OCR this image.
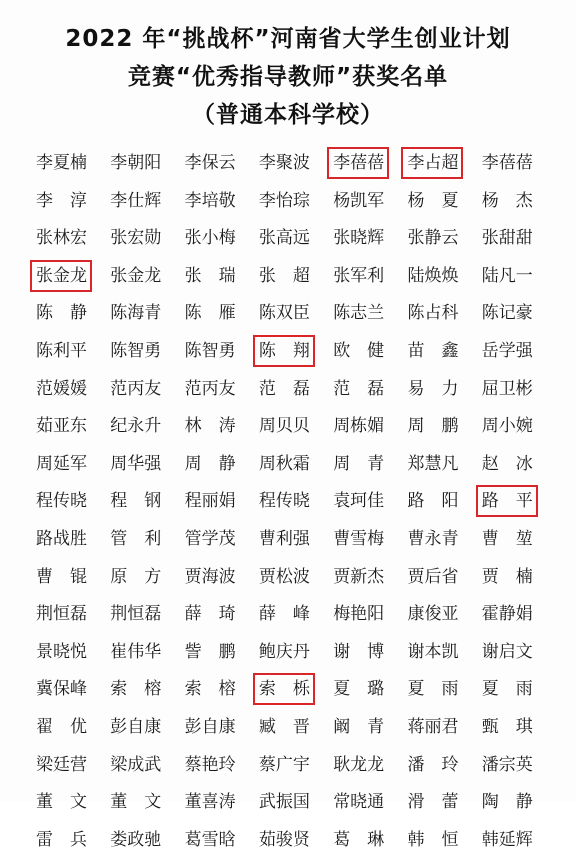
2022 年“挑战杯”河南省大学生创业计划
竞赛“优秀指导教师”获奖名单
（普通本科学校）
李夏楠	李朝阳	李保云	李聚波	李蓓蓓	李占超	李蓓蓓
李　淳	李仕辉	李培敬	李怡琮	杨凯军	杨　夏	杨　杰
张林宏	张宏勋	张小梅	张高远	张晓辉	张静云	张甜甜
张金龙	张金龙	张　瑞	张　超	张军利	陆焕焕	陆凡一
陈　静	陈海青	陈　雁	陈双臣	陈志兰	陈占科	陈记豪
陈利平	陈智勇	陈智勇	陈　翔	欧　健	苗　鑫	岳学强
范媛媛	范丙友	范丙友	范　磊	范　磊	易　力	屈卫彬
茹亚东	纪永升	林　涛	周贝贝	周栋媚	周　鹏	周小婉
周延军	周华强	周　静	周秋霜	周　青	郑慧凡	赵　冰
程传晓	程　钢	程丽娟	程传晓	袁珂佳	路　阳	路　平
路战胜	管　利	管学茂	曹利强	曹雪梅	曹永青	曹　堃
曹　锟	原　方	贾海波	贾松波	贾新杰	贾后省	贾　楠
荆恒磊	荆恒磊	薛　琦	薛　峰	梅艳阳	康俊亚	霍静娟
景晓悦	崔伟华	訾　鹏	鲍庆丹	谢　博	谢本凯	谢启文
冀保峰	索　榕	索　榕	索　栎	夏　璐	夏　雨	夏　雨
翟　优	彭自康	彭自康	臧　晋	阚　青	蒋丽君	甄　琪
梁廷营	梁成武	蔡艳玲	蔡广宇	耿龙龙	潘　玲	潘宗英
董　文	董　文	董喜涛	武振国	常晓通	滑　蕾	陶　静
雷　兵	娄政驰	葛雪晗	茹骏贤	葛　琳	韩　恒	韩延辉
